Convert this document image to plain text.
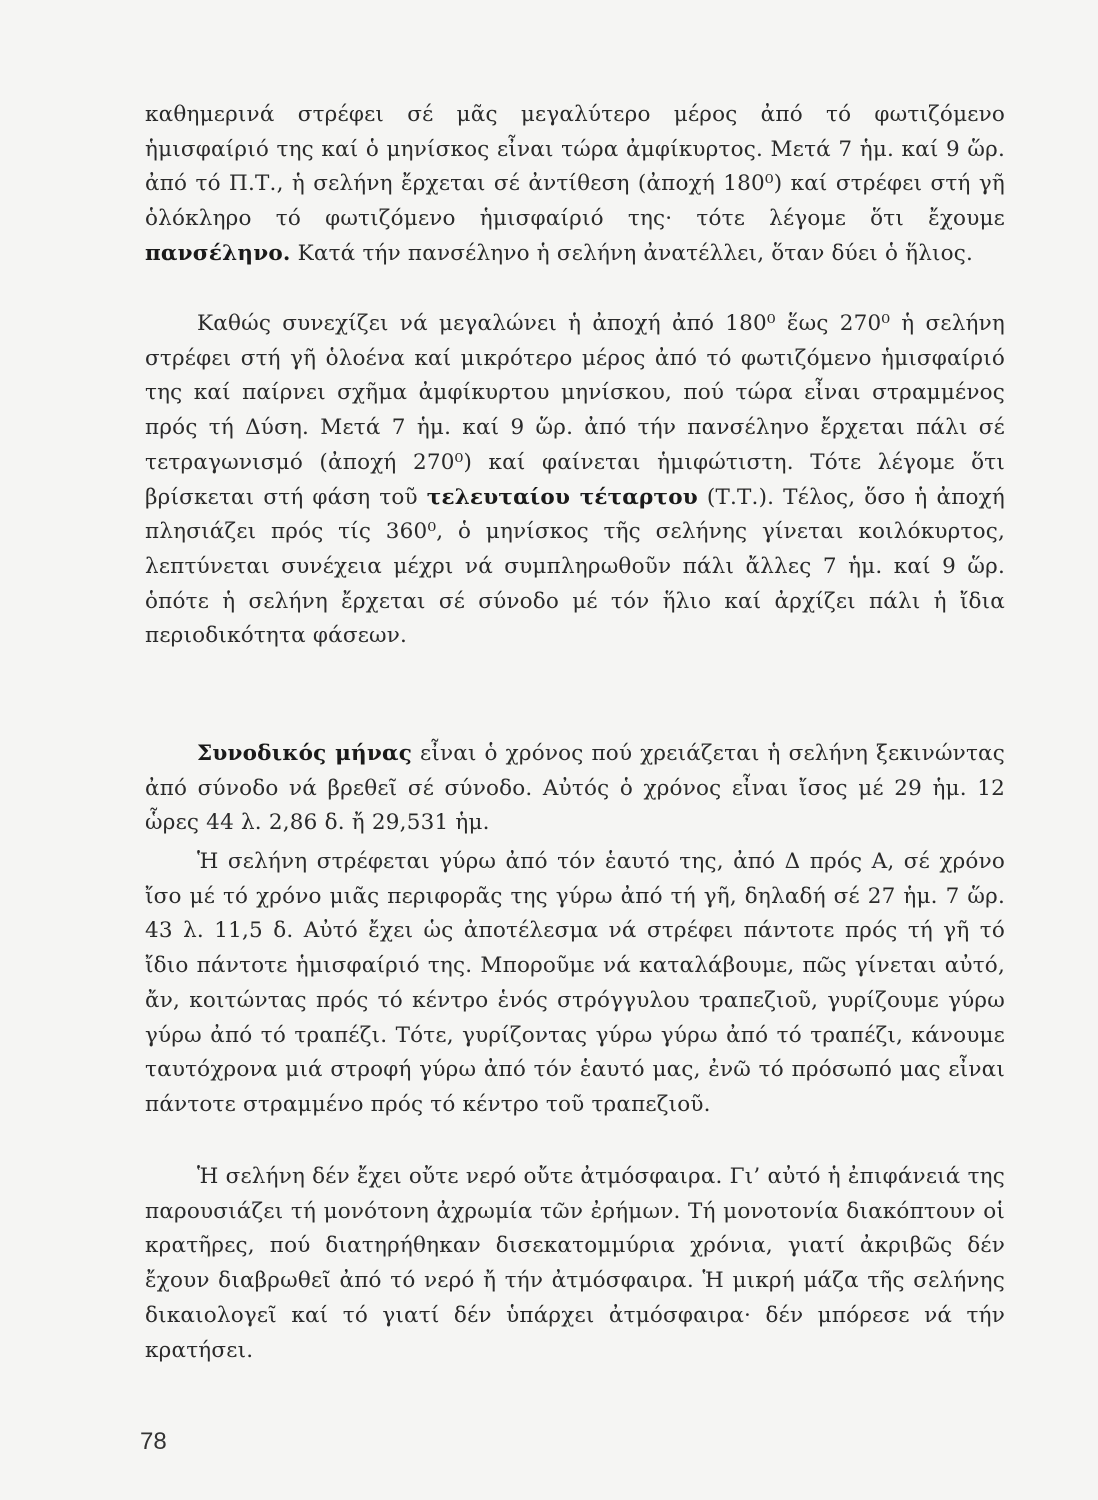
καθημερινά στρέφει σέ μᾶς μεγαλύτερο μέρος ἀπό τό φωτιζόμενο ἡμισφαίριό της καί ὁ μηνίσκος εἶναι τώρα ἀμφίκυρτος. Μετά 7 ἡμ. καί 9 ὥρ. ἀπό τό Π.Τ., ἡ σελήνη ἔρχεται σέ ἀντίθεση (ἀποχή 180⁰) καί στρέφει στή γῆ ὁλόκληρο τό φωτιζόμενο ἡμισφαίριό της· τότε λέγομε ὅτι ἔχουμε πανσέληνο. Κατά τήν πανσέληνο ἡ σελήνη ἀνατέλλει, ὅταν δύει ὁ ἥλιος.

Καθώς συνεχίζει νά μεγαλώνει ἡ ἀποχή ἀπό 180⁰ ἕως 270⁰ ἡ σελήνη στρέφει στή γῆ ὁλοένα καί μικρότερο μέρος ἀπό τό φωτιζόμενο ἡμισφαίριό της καί παίρνει σχῆμα ἀμφίκυρτου μηνίσκου, πού τώρα εἶναι στραμμένος πρός τή Δύση. Μετά 7 ἡμ. καί 9 ὥρ. ἀπό τήν πανσέληνο ἔρχεται πάλι σέ τετραγωνισμό (ἀποχή 270⁰) καί φαίνεται ἡμιφώτιστη. Τότε λέγομε ὅτι βρίσκεται στή φάση τοῦ τελευταίου τέταρτου (Τ.Τ.). Τέλος, ὅσο ἡ ἀποχή πλησιάζει πρός τίς 360⁰, ὁ μηνίσκος τῆς σελήνης γίνεται κοιλόκυρτος, λεπτύνεται συνέχεια μέχρι νά συμπληρωθοῦν πάλι ἄλλες 7 ἡμ. καί 9 ὥρ. ὁπότε ἡ σελήνη ἔρχεται σέ σύνοδο μέ τόν ἥλιο καί ἀρχίζει πάλι ἡ ἴδια περιοδικότητα φάσεων.

Συνοδικός μήνας εἶναι ὁ χρόνος πού χρειάζεται ἡ σελήνη ξεκινώντας ἀπό σύνοδο νά βρεθεῖ σέ σύνοδο. Αὐτός ὁ χρόνος εἶναι ἴσος μέ 29 ἡμ. 12 ὧρες 44 λ. 2,86 δ. ἤ 29,531 ἡμ.

Ἡ σελήνη στρέφεται γύρω ἀπό τόν ἑαυτό της, ἀπό Δ πρός Α, σέ χρόνο ἴσο μέ τό χρόνο μιᾶς περιφορᾶς της γύρω ἀπό τή γῆ, δηλαδή σέ 27 ἡμ. 7 ὥρ. 43 λ. 11,5 δ. Αὐτό ἔχει ὡς ἀποτέλεσμα νά στρέφει πάντοτε πρός τή γῆ τό ἴδιο πάντοτε ἡμισφαίριό της. Μποροῦμε νά καταλάβουμε, πῶς γίνεται αὐτό, ἄν, κοιτώντας πρός τό κέντρο ἑνός στρόγγυλου τραπεζιοῦ, γυρίζουμε γύρω γύρω ἀπό τό τραπέζι. Τότε, γυρίζοντας γύρω γύρω ἀπό τό τραπέζι, κάνουμε ταυτόχρονα μιά στροφή γύρω ἀπό τόν ἑαυτό μας, ἐνῶ τό πρόσωπό μας εἶναι πάντοτε στραμμένο πρός τό κέντρο τοῦ τραπεζιοῦ.

Ἡ σελήνη δέν ἔχει οὔτε νερό οὔτε ἀτμόσφαιρα. Γι’ αὐτό ἡ ἐπιφάνειά της παρουσιάζει τή μονότονη ἀχρωμία τῶν ἐρήμων. Τή μονοτονία διακόπτουν οἱ κρατῆρες, πού διατηρήθηκαν δισεκατομμύρια χρόνια, γιατί ἀκριβῶς δέν ἔχουν διαβρωθεῖ ἀπό τό νερό ἤ τήν ἀτμόσφαιρα. Ἡ μικρή μάζα τῆς σελήνης δικαιολογεῖ καί τό γιατί δέν ὑπάρχει ἀτμόσφαιρα· δέν μπόρεσε νά τήν κρατήσει.

78
